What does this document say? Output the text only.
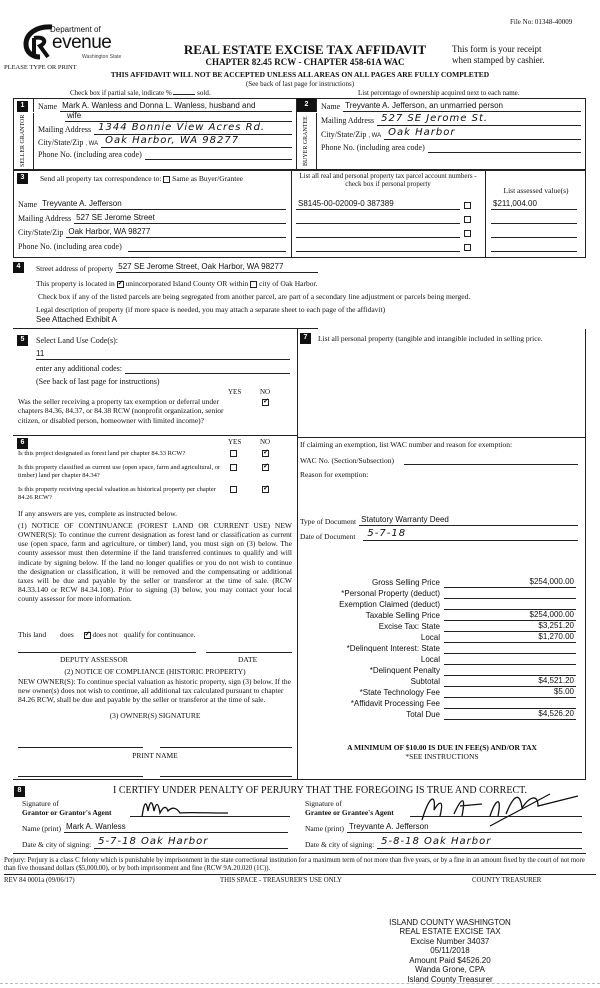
File No: 01348-40009
Department of
evenue
Washington State
PLEASE TYPE OR PRINT
REAL ESTATE EXCISE TAX AFFIDAVIT
CHAPTER 82.45 RCW - CHAPTER 458-61A WAC
This form is your receipt
when stamped by cashier.
THIS AFFIDAVIT WILL NOT BE ACCEPTED UNLESS ALL AREAS ON ALL PAGES ARE FULLY COMPLETED
(See back of last page for instructions)
Check box if partial sale, indicate %	sold.	List percentage of ownership acquired next to each name.
1
SELLER GRANTOR
Name Mark A. Wanless and Donna L. Wanless, husband and
wife
Mailing Address 1344 Bonnie View Acres Rd.
City/State/Zip , WA Oak Harbor, WA 98277
Phone No. (including area code)
2
BUYER GRANTEE
Name Treyvante A. Jefferson, an unmarried person
Mailing Address 527 SE Jerome St.
City/State/Zip , WA Oak Harbor
Phone No. (including area code)
3	Send all property tax correspondence to: Same as Buyer/Grantee
Name Treyvante A. Jefferson
Mailing Address 527 SE Jerome Street
City/State/Zip Oak Harbor, WA 98277
Phone No. (including area code)
List all real and personal property tax parcel account numbers - check box if personal property
List assessed value(s)
S8145-00-02009-0 387389	$211,004.00
4	Street address of property 527 SE Jerome Street, Oak Harbor, WA 98277
This property is located in ✓ unincorporated Island County OR within city of Oak Harbor.
Check box if any of the listed parcels are being segregated from another parcel, are part of a secondary line adjustment or parcels being merged.
Legal description of property (if more space is needed, you may attach a separate sheet to each page of the affidavit)
See Attached Exhibit A
5	Select Land Use Code(s):
11
enter any additional codes:
(See back of last page for instructions)
YES	NO
Was the seller receiving a property tax exemption or deferral under chapters 84.36, 84.37, or 84.38 RCW (nonprofit organization, senior citizen, or disabled person, homeowner with limited income)?
✓
6	YES	NO
Is this project designated as forest land per chapter 84.33 RCW?
✓
Is this property classified as current use (open space, farm and agricultural, or timber) land per chapter 84.34?
✓
Is this property receiving special valuation as historical property per chapter 84.26 RCW?
✓
If any answers are yes, complete as instructed below.
(1) NOTICE OF CONTINUANCE (FOREST LAND OR CURRENT USE) NEW OWNER(S): To continue the current designation as forest land or classification as current use (open space, farm and agriculture, or timber) land, you must sign on (3) below. The county assessor must then determine if the land transferred continues to qualify and will indicate by signing below. If the land no longer qualifies or you do not wish to continue the designation or classification, it will be removed and the compensating or additional taxes will be due and payable by the seller or transferor at the time of sale. (RCW 84.33.140 or RCW 84.34.108). Prior to signing (3) below, you may contact your local county assessor for more information.
This land does ✓	does not qualify for continuance.
DEPUTY ASSESSOR	DATE
(2) NOTICE OF COMPLIANCE (HISTORIC PROPERTY)
NEW OWNER(S): To continue special valuation as historic property, sign (3) below. If the new owner(s) does not wish to continue, all additional tax calculated pursuant to chapter 84.26 RCW, shall be due and payable by the seller or transferor at the time of sale.
(3) OWNER(S) SIGNATURE
PRINT NAME
7	List all personal property (tangible and intangible included in selling price.
If claiming an exemption, list WAC number and reason for exemption:
WAC No. (Section/Subsection)
Reason for exemption:
Type of Document Statutory Warranty Deed
Date of Document	5-7-18
Gross Selling Price	$254,000.00
*Personal Property (deduct)
Exemption Claimed (deduct)
Taxable Selling Price	$254,000.00
Excise Tax: State	$3,251.20
Local	$1,270.00
*Delinquent Interest: State
Local
*Delinquent Penalty
Subtotal	$4,521.20
*State Technology Fee	$5.00
*Affidavit Processing Fee
Total Due	$4,526.20
A MINIMUM OF $10.00 IS DUE IN FEE(S) AND/OR TAX
*SEE INSTRUCTIONS
8	I CERTIFY UNDER PENALTY OF PERJURY THAT THE FOREGOING IS TRUE AND CORRECT.
Signature of
Grantor or Grantor's Agent
Name (print) Mark A. Wanless
Date & city of signing: 5-7-18 Oak Harbor
Signature of
Grantee or Grantee's Agent
Name (print) Treyvante A. Jefferson
Date & city of signing: 5-8-18 Oak Harbor
Perjury: Perjury is a class C felony which is punishable by imprisonment in the state correctional institution for a maximum term of not more than five years, or by a fine in an amount fixed by the court of not more than five thousand dollars ($5,000.00), or by both imprisonment and fine (RCW 9A.20.020 (1C)).
REV 84 0001a (09/06/17)	THIS SPACE - TREASURER'S USE ONLY	COUNTY TREASURER
ISLAND COUNTY WASHINGTON
REAL ESTATE EXCISE TAX
Excise Number 34037
05/11/2018
Amount Paid $4526.20
Wanda Grone, CPA
Island County Treasurer
